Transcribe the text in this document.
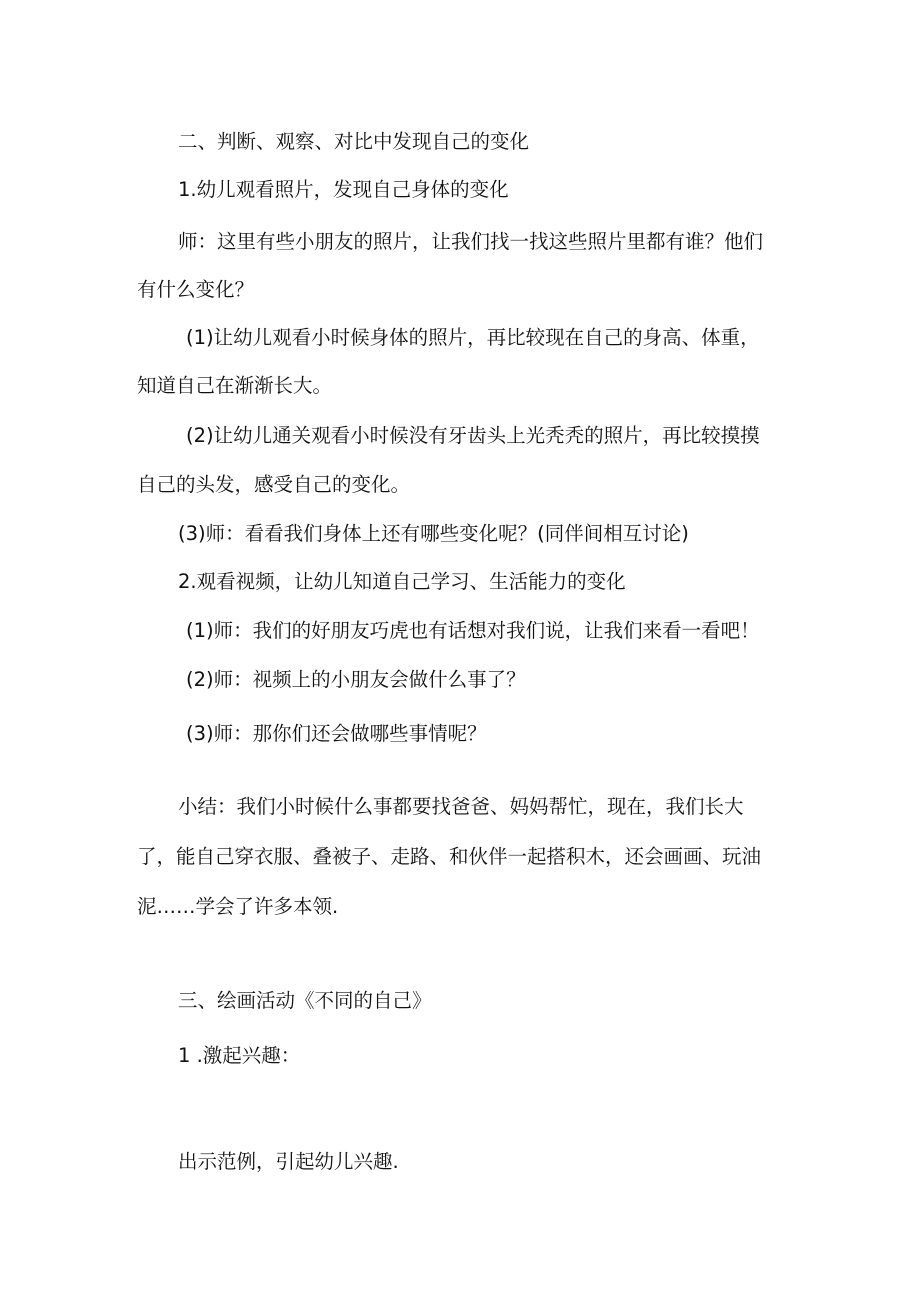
二、判断、观察、对比中发现自己的变化

1.幼儿观看照片，发现自己身体的变化

师：这里有些小朋友的照片，让我们找一找这些照片里都有谁？他们

有什么变化？

(1)让幼儿观看小时候身体的照片，再比较现在自己的身高、体重，

知道自己在渐渐长大。

(2)让幼儿通关观看小时候没有牙齿头上光秃秃的照片，再比较摸摸

自己的头发，感受自己的变化。

(3)师：看看我们身体上还有哪些变化呢？(同伴间相互讨论)

2.观看视频，让幼儿知道自己学习、生活能力的变化

(1)师：我们的好朋友巧虎也有话想对我们说，让我们来看一看吧！

(2)师：视频上的小朋友会做什么事了？

(3)师：那你们还会做哪些事情呢？

小结：我们小时候什么事都要找爸爸、妈妈帮忙，现在，我们长大

了，能自己穿衣服、叠被子、走路、和伙伴一起搭积木，还会画画、玩油

泥……学会了许多本领.

三、绘画活动《不同的自己》

1 .激起兴趣：

出示范例，引起幼儿兴趣.
